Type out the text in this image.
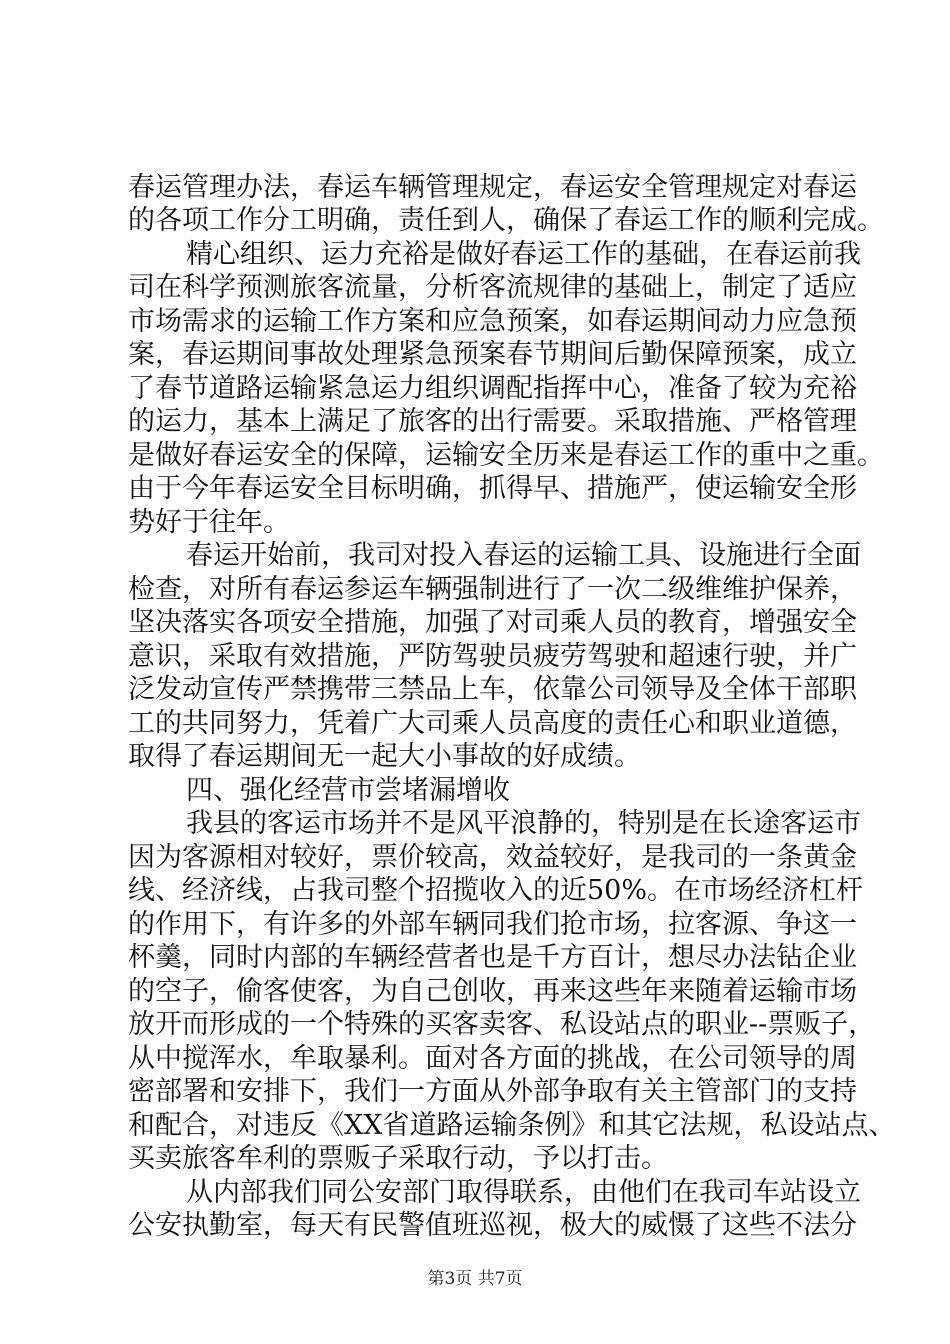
春运管理办法，春运车辆管理规定，春运安全管理规定对春运
的各项工作分工明确，责任到人，确保了春运工作的顺利完成。
精心组织、运力充裕是做好春运工作的基础，在春运前我
司在科学预测旅客流量，分析客流规律的基础上，制定了适应
市场需求的运输工作方案和应急预案，如春运期间动力应急预
案，春运期间事故处理紧急预案春节期间后勤保障预案，成立
了春节道路运输紧急运力组织调配指挥中心，准备了较为充裕
的运力，基本上满足了旅客的出行需要。采取措施、严格管理
是做好春运安全的保障，运输安全历来是春运工作的重中之重。
由于今年春运安全目标明确，抓得早、措施严，使运输安全形
势好于往年。
春运开始前，我司对投入春运的运输工具、设施进行全面
检查，对所有春运参运车辆强制进行了一次二级维维护保养，
坚决落实各项安全措施，加强了对司乘人员的教育，增强安全
意识，采取有效措施，严防驾驶员疲劳驾驶和超速行驶，并广
泛发动宣传严禁携带三禁品上车，依靠公司领导及全体干部职
工的共同努力，凭着广大司乘人员高度的责任心和职业道德，
取得了春运期间无一起大小事故的好成绩。
四、强化经营市尝堵漏增收
我县的客运市场并不是风平浪静的，特别是在长途客运市
因为客源相对较好，票价较高，效益较好，是我司的一条黄金
线、经济线，占我司整个招揽收入的近50%。在市场经济杠杆
的作用下，有许多的外部车辆同我们抢市场，拉客源、争这一
杯羹，同时内部的车辆经营者也是千方百计，想尽办法钻企业
的空子，偷客使客，为自己创收，再来这些年来随着运输市场
放开而形成的一个特殊的买客卖客、私设站点的职业--票贩子，
从中搅浑水，牟取暴利。面对各方面的挑战，在公司领导的周
密部署和安排下，我们一方面从外部争取有关主管部门的支持
和配合，对违反《XX省道路运输条例》和其它法规，私设站点、
买卖旅客牟利的票贩子采取行动，予以打击。
从内部我们同公安部门取得联系，由他们在我司车站设立
公安执勤室，每天有民警值班巡视，极大的威慑了这些不法分
第3页 共7页
